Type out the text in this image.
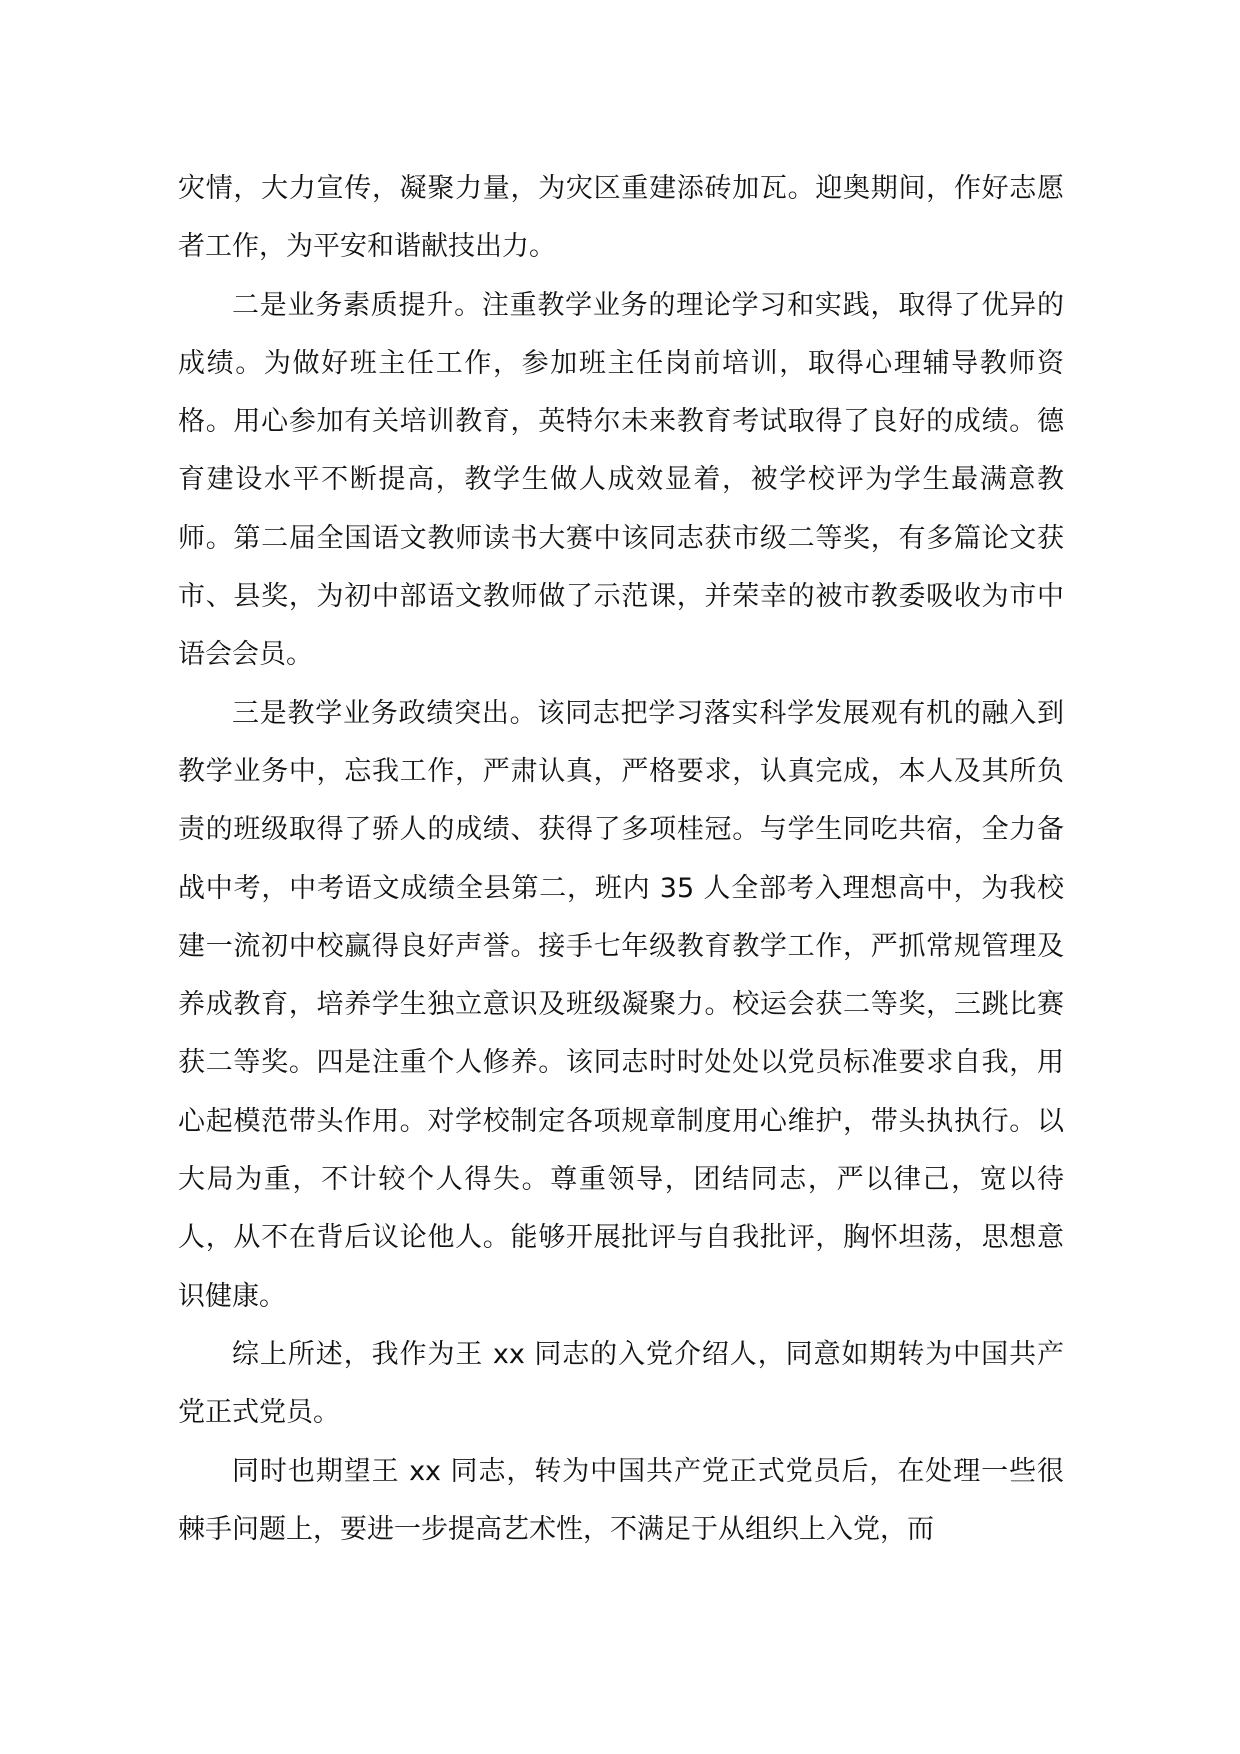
灾情，大力宣传，凝聚力量，为灾区重建添砖加瓦。迎奥期间，作好志愿者工作，为平安和谐献技出力。

二是业务素质提升。注重教学业务的理论学习和实践，取得了优异的成绩。为做好班主任工作，参加班主任岗前培训，取得心理辅导教师资格。用心参加有关培训教育，英特尔未来教育考试取得了良好的成绩。德育建设水平不断提高，教学生做人成效显着，被学校评为学生最满意教师。第二届全国语文教师读书大赛中该同志获市级二等奖，有多篇论文获市、县奖，为初中部语文教师做了示范课，并荣幸的被市教委吸收为市中语会会员。

三是教学业务政绩突出。该同志把学习落实科学发展观有机的融入到教学业务中，忘我工作，严肃认真，严格要求，认真完成，本人及其所负责的班级取得了骄人的成绩、获得了多项桂冠。与学生同吃共宿，全力备战中考，中考语文成绩全县第二，班内 35 人全部考入理想高中，为我校建一流初中校赢得良好声誉。接手七年级教育教学工作，严抓常规管理及养成教育，培养学生独立意识及班级凝聚力。校运会获二等奖，三跳比赛获二等奖。四是注重个人修养。该同志时时处处以党员标准要求自我，用心起模范带头作用。对学校制定各项规章制度用心维护，带头执执行。以大局为重，不计较个人得失。尊重领导，团结同志，严以律己，宽以待人，从不在背后议论他人。能够开展批评与自我批评，胸怀坦荡，思想意识健康。

综上所述，我作为王 xx 同志的入党介绍人，同意如期转为中国共产党正式党员。

同时也期望王 xx 同志，转为中国共产党正式党员后，在处理一些很棘手问题上，要进一步提高艺术性，不满足于从组织上入党，而
